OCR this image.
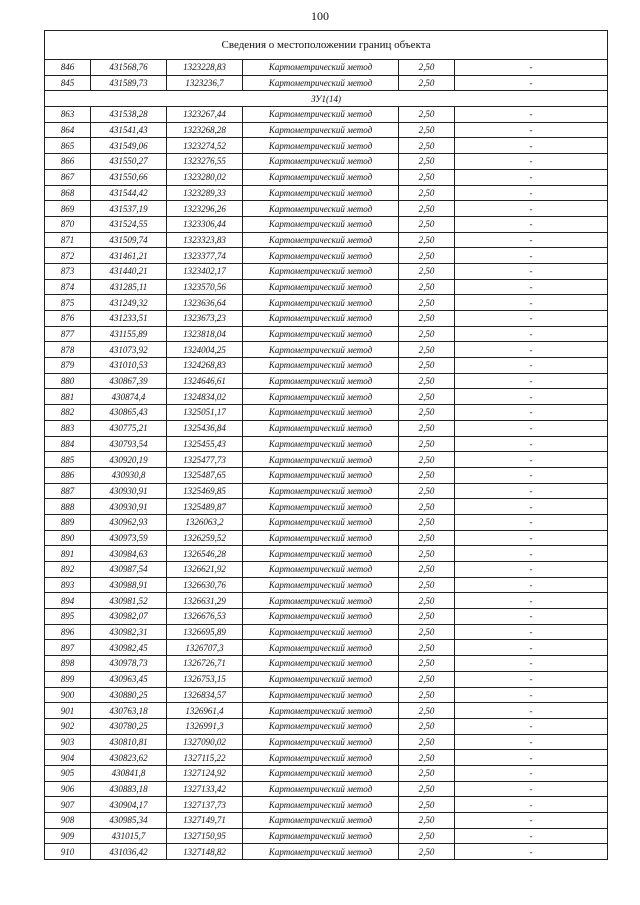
100
Сведения о местоположении границ объекта					
846	431568,76	1323228,83	Картометрический метод	2,50	-
845	431589,73	1323236,7	Картометрический метод	2,50	-
ЗУ1(14)					
863	431538,28	1323267,44	Картометрический метод	2,50	-
864	431541,43	1323268,28	Картометрический метод	2,50	-
865	431549,06	1323274,52	Картометрический метод	2,50	-
866	431550,27	1323276,55	Картометрический метод	2,50	-
867	431550,66	1323280,02	Картометрический метод	2,50	-
868	431544,42	1323289,33	Картометрический метод	2,50	-
869	431537,19	1323296,26	Картометрический метод	2,50	-
870	431524,55	1323306,44	Картометрический метод	2,50	-
871	431509,74	1323323,83	Картометрический метод	2,50	-
872	431461,21	1323377,74	Картометрический метод	2,50	-
873	431440,21	1323402,17	Картометрический метод	2,50	-
874	431285,11	1323570,56	Картометрический метод	2,50	-
875	431249,32	1323636,64	Картометрический метод	2,50	-
876	431233,51	1323673,23	Картометрический метод	2,50	-
877	431155,89	1323818,04	Картометрический метод	2,50	-
878	431073,92	1324004,25	Картометрический метод	2,50	-
879	431010,53	1324268,83	Картометрический метод	2,50	-
880	430867,39	1324646,61	Картометрический метод	2,50	-
881	430874,4	1324834,02	Картометрический метод	2,50	-
882	430865,43	1325051,17	Картометрический метод	2,50	-
883	430775,21	1325436,84	Картометрический метод	2,50	-
884	430793,54	1325455,43	Картометрический метод	2,50	-
885	430920,19	1325477,73	Картометрический метод	2,50	-
886	430930,8	1325487,65	Картометрический метод	2,50	-
887	430930,91	1325469,85	Картометрический метод	2,50	-
888	430930,91	1325489,87	Картометрический метод	2,50	-
889	430962,93	1326063,2	Картометрический метод	2,50	-
890	430973,59	1326259,52	Картометрический метод	2,50	-
891	430984,63	1326546,28	Картометрический метод	2,50	-
892	430987,54	1326621,92	Картометрический метод	2,50	-
893	430988,91	1326630,76	Картометрический метод	2,50	-
894	430981,52	1326631,29	Картометрический метод	2,50	-
895	430982,07	1326676,53	Картометрический метод	2,50	-
896	430982,31	1326695,89	Картометрический метод	2,50	-
897	430982,45	1326707,3	Картометрический метод	2,50	-
898	430978,73	1326726,71	Картометрический метод	2,50	-
899	430963,45	1326753,15	Картометрический метод	2,50	-
900	430880,25	1326834,57	Картометрический метод	2,50	-
901	430763,18	1326961,4	Картометрический метод	2,50	-
902	430780,25	1326991,3	Картометрический метод	2,50	-
903	430810,81	1327090,02	Картометрический метод	2,50	-
904	430823,62	1327115,22	Картометрический метод	2,50	-
905	430841,8	1327124,92	Картометрический метод	2,50	-
906	430883,18	1327133,42	Картометрический метод	2,50	-
907	430904,17	1327137,73	Картометрический метод	2,50	-
908	430985,34	1327149,71	Картометрический метод	2,50	-
909	431015,7	1327150,95	Картометрический метод	2,50	-
910	431036,42	1327148,82	Картометрический метод	2,50	-
